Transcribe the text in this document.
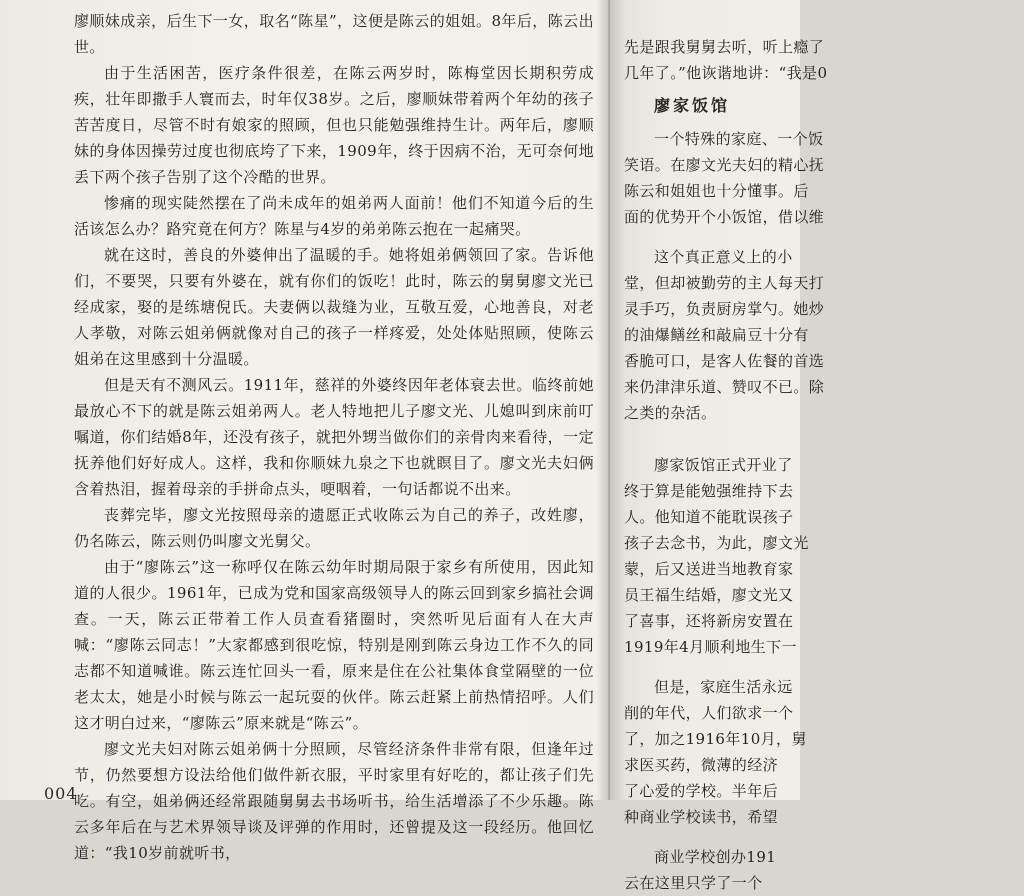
廖顺妹成亲，后生下一女，取名“陈星”，这便是陈云的姐姐。8年后，陈云出世。

由于生活困苦，医疗条件很差，在陈云两岁时，陈梅堂因长期积劳成疾，壮年即撒手人寰而去，时年仅38岁。之后，廖顺妹带着两个年幼的孩子苦苦度日，尽管不时有娘家的照顾，但也只能勉强维持生计。两年后，廖顺妹的身体因操劳过度也彻底垮了下来，1909年，终于因病不治，无可奈何地丢下两个孩子告别了这个冷酷的世界。

惨痛的现实陡然摆在了尚未成年的姐弟两人面前！他们不知道今后的生活该怎么办？路究竟在何方？陈星与4岁的弟弟陈云抱在一起痛哭。

就在这时，善良的外婆伸出了温暖的手。她将姐弟俩领回了家。告诉他们，不要哭，只要有外婆在，就有你们的饭吃！此时，陈云的舅舅廖文光已经成家，娶的是练塘倪氏。夫妻俩以裁缝为业，互敬互爱，心地善良，对老人孝敬，对陈云姐弟俩就像对自己的孩子一样疼爱，处处体贴照顾，使陈云姐弟在这里感到十分温暖。

但是天有不测风云。1911年，慈祥的外婆终因年老体衰去世。临终前她最放心不下的就是陈云姐弟两人。老人特地把儿子廖文光、儿媳叫到床前叮嘱道，你们结婚8年，还没有孩子，就把外甥当做你们的亲骨肉来看待，一定抚养他们好好成人。这样，我和你顺妹九泉之下也就瞑目了。廖文光夫妇俩含着热泪，握着母亲的手拼命点头，哽咽着，一句话都说不出来。

丧葬完毕，廖文光按照母亲的遗愿正式收陈云为自己的养子，改姓廖，仍名陈云，陈云则仍叫廖文光舅父。

由于“廖陈云”这一称呼仅在陈云幼年时期局限于家乡有所使用，因此知道的人很少。1961年，已成为党和国家高级领导人的陈云回到家乡搞社会调查。一天，陈云正带着工作人员查看猪圈时，突然听见后面有人在大声喊：“廖陈云同志！”大家都感到很吃惊，特别是刚到陈云身边工作不久的同志都不知道喊谁。陈云连忙回头一看，原来是住在公社集体食堂隔壁的一位老太太，她是小时候与陈云一起玩耍的伙伴。陈云赶紧上前热情招呼。人们这才明白过来，“廖陈云”原来就是“陈云”。

廖文光夫妇对陈云姐弟俩十分照顾，尽管经济条件非常有限，但逢年过节，仍然要想方设法给他们做件新衣服，平时家里有好吃的，都让孩子们先吃。有空，姐弟俩还经常跟随舅舅去书场听书，给生活增添了不少乐趣。陈云多年后在与艺术界领导谈及评弹的作用时，还曾提及这一段经历。他回忆道：“我10岁前就听书，

004
先是跟我舅舅去听，听上瘾了
几年了。”他诙谐地讲：“我是0
廖家饭馆
一个特殊的家庭、一个饭
笑语。在廖文光夫妇的精心抚
陈云和姐姐也十分懂事。后
面的优势开个小饭馆，借以维
这个真正意义上的小
堂，但却被勤劳的主人每天打
灵手巧，负责厨房掌勺。她炒
的油爆鳝丝和敲扁豆十分有
香脆可口，是客人佐餐的首选
来仍津津乐道、赞叹不已。除
之类的杂活。
廖家饭馆正式开业了
终于算是能勉强维持下去
人。他知道不能耽误孩子
孩子去念书，为此，廖文光
蒙，后又送进当地教育家
员王福生结婚，廖文光又
了喜事，还将新房安置在
1919年4月顺利地生下一
但是，家庭生活永远
削的年代，人们欲求一个
了，加之1916年10月，舅
求医买药，微薄的经济
了心爱的学校。半年后
种商业学校读书，希望
商业学校创办191
云在这里只学了一个
